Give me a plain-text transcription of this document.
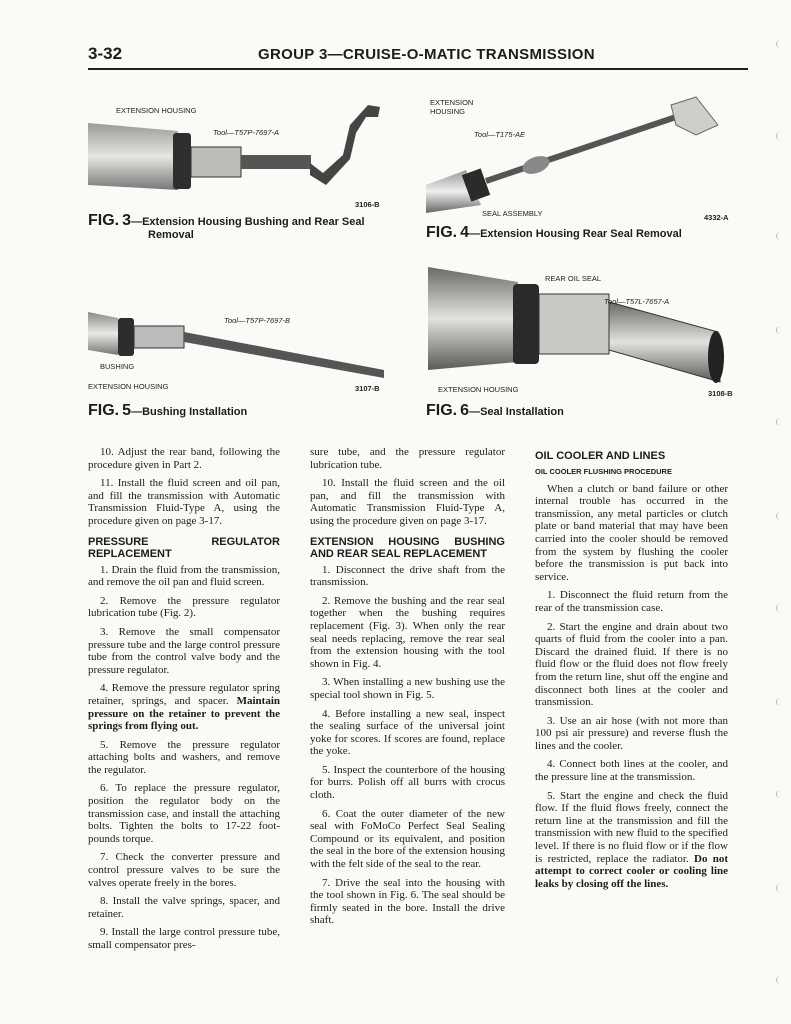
3-32	GROUP 3—CRUISE-O-MATIC TRANSMISSION
EXTENSION HOUSING
Tool—T57P-7697-A
3106-B
FIG. 3—Extension Housing Bushing and Rear Seal
Removal
EXTENSION
HOUSING
Tool—T175-AE
SEAL ASSEMBLY	4332-A
FIG. 4—Extension Housing Rear Seal Removal
Tool—T57P-7697-B
BUSHING
EXTENSION HOUSING	3107-B
FIG. 5—Bushing Installation
REAR OIL SEAL
Tool—T57L-7657-A
EXTENSION HOUSING	3108-B
FIG. 6—Seal Installation

10. Adjust the rear band, following the procedure given in Part 2.

11. Install the fluid screen and oil pan, and fill the transmission with Automatic Transmission Fluid-Type A, using the procedure given on page 3-17.

PRESSURE REGULATOR REPLACEMENT

1. Drain the fluid from the transmission, and remove the oil pan and fluid screen.

2. Remove the pressure regulator lubrication tube (Fig. 2).

3. Remove the small compensator pressure tube and the large control pressure tube from the control valve body and the pressure regulator.

4. Remove the pressure regulator spring retainer, springs, and spacer. Maintain pressure on the retainer to prevent the springs from flying out.

5. Remove the pressure regulator attaching bolts and washers, and remove the regulator.

6. To replace the pressure regulator, position the regulator body on the transmission case, and install the attaching bolts. Tighten the bolts to 17-22 foot-pounds torque.

7. Check the converter pressure and control pressure valves to be sure the valves operate freely in the bores.

8. Install the valve springs, spacer, and retainer.

9. Install the large control pressure tube, small compensator pres-

sure tube, and the pressure regulator lubrication tube.

10. Install the fluid screen and the oil pan, and fill the transmission with Automatic Transmission Fluid-Type A, using the procedure given on page 3-17.

EXTENSION HOUSING BUSHING AND REAR SEAL REPLACEMENT

1. Disconnect the drive shaft from the transmission.

2. Remove the bushing and the rear seal together when the bushing requires replacement (Fig. 3). When only the rear seal needs replacing, remove the rear seal from the extension housing with the tool shown in Fig. 4.

3. When installing a new bushing use the special tool shown in Fig. 5.

4. Before installing a new seal, inspect the sealing surface of the universal joint yoke for scores. If scores are found, replace the yoke.

5. Inspect the counterbore of the housing for burrs. Polish off all burrs with crocus cloth.

6. Coat the outer diameter of the new seal with FoMoCo Perfect Seal Sealing Compound or its equivalent, and position the seal in the bore of the extension housing with the felt side of the seal to the rear.

7. Drive the seal into the housing with the tool shown in Fig. 6. The seal should be firmly seated in the bore. Install the drive shaft.

OIL COOLER AND LINES
OIL COOLER FLUSHING PROCEDURE

When a clutch or band failure or other internal trouble has occurred in the transmission, any metal particles or clutch plate or band material that may have been carried into the cooler should be removed from the system by flushing the cooler before the transmission is put back into service.

1. Disconnect the fluid return from the rear of the transmission case.

2. Start the engine and drain about two quarts of fluid from the cooler into a pan. Discard the drained fluid. If there is no fluid flow or the fluid does not flow freely from the return line, shut off the engine and disconnect both lines at the cooler and transmission.

3. Use an air hose (with not more than 100 psi air pressure) and reverse flush the lines and the cooler.

4. Connect both lines at the cooler, and the pressure line at the transmission.

5. Start the engine and check the fluid flow. If the fluid flows freely, connect the return line at the transmission and fill the transmission with new fluid to the specified level. If there is no fluid flow or if the flow is restricted, replace the radiator. Do not attempt to correct cooler or cooling line leaks by closing off the lines.
